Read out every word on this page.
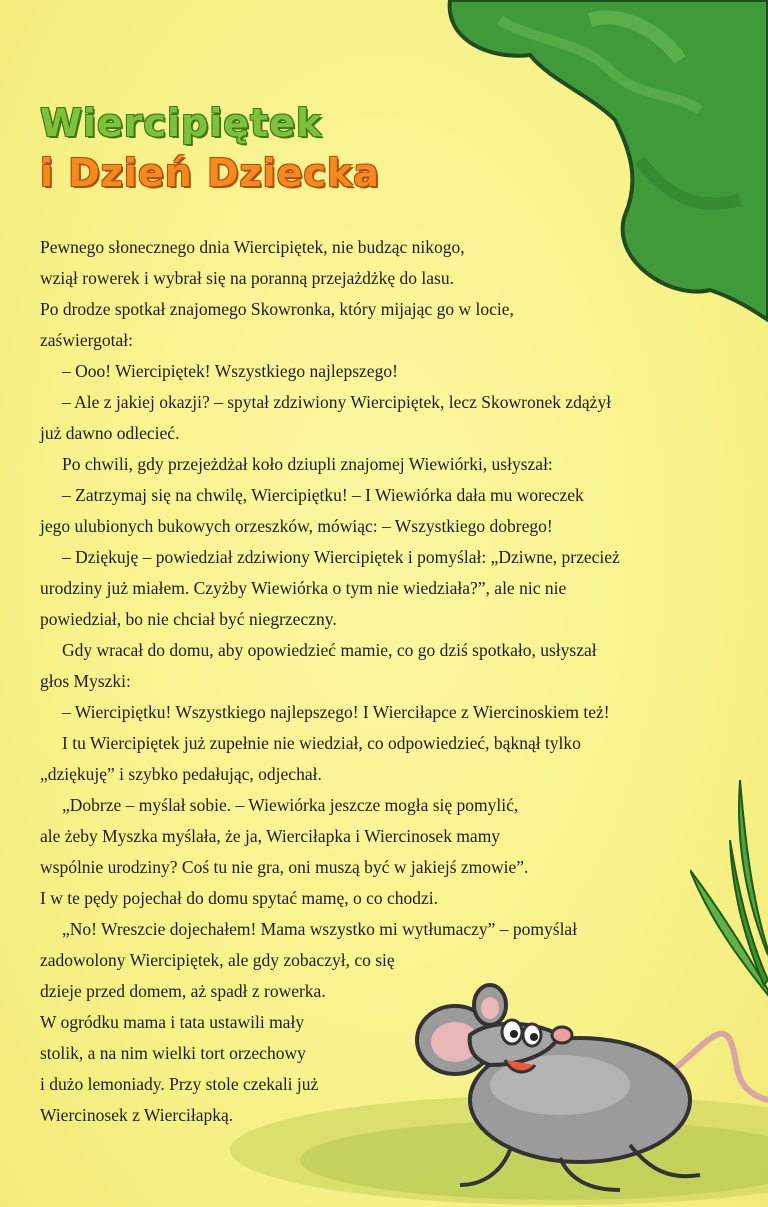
Wiercipiętek
i Dzień Dziecka

Pewnego słonecznego dnia Wiercipiętek, nie budząc nikogo,

wziął rowerek i wybrał się na poranną przejażdżkę do lasu.

Po drodze spotkał znajomego Skowronka, który mijając go w locie,

zaświergotał:

– Ooo! Wiercipiętek! Wszystkiego najlepszego!

– Ale z jakiej okazji? – spytał zdziwiony Wiercipiętek, lecz Skowronek zdążył

już dawno odlecieć.

Po chwili, gdy przejeżdżał koło dziupli znajomej Wiewiórki, usłyszał:

– Zatrzymaj się na chwilę, Wiercipiętku! – I Wiewiórka dała mu woreczek

jego ulubionych bukowych orzeszków, mówiąc: – Wszystkiego dobrego!

– Dziękuję – powiedział zdziwiony Wiercipiętek i pomyślał: „Dziwne, przecież

urodziny już miałem. Czyżby Wiewiórka o tym nie wiedziała?”, ale nic nie

powiedział, bo nie chciał być niegrzeczny.

Gdy wracał do domu, aby opowiedzieć mamie, co go dziś spotkało, usłyszał

głos Myszki:

– Wiercipiętku! Wszystkiego najlepszego! I Wierciłapce z Wiercinoskiem też!

I tu Wiercipiętek już zupełnie nie wiedział, co odpowiedzieć, bąknął tylko

„dziękuję” i szybko pedałując, odjechał.

„Dobrze – myślał sobie. – Wiewiórka jeszcze mogła się pomylić,

ale żeby Myszka myślała, że ja, Wierciłapka i Wiercinosek mamy

wspólnie urodziny? Coś tu nie gra, oni muszą być w jakiejś zmowie”.

I w te pędy pojechał do domu spytać mamę, o co chodzi.

„No! Wreszcie dojechałem! Mama wszystko mi wytłumaczy” – pomyślał

zadowolony Wiercipiętek, ale gdy zobaczył, co się

dzieje przed domem, aż spadł z rowerka.

W ogródku mama i tata ustawili mały

stolik, a na nim wielki tort orzechowy

i dużo lemoniady. Przy stole czekali już

Wiercinosek z Wierciłapką.
